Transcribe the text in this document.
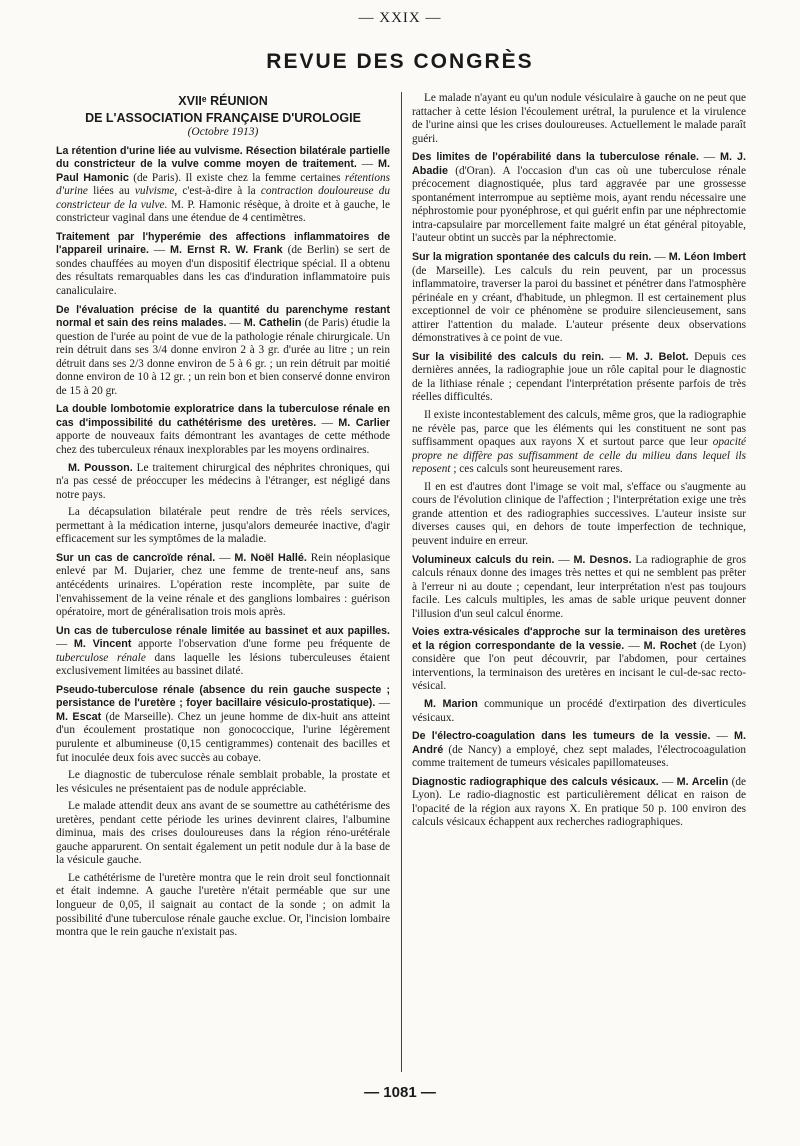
— XXIX —
REVUE DES CONGRÈS
XVIIᵉ RÉUNION
DE L'ASSOCIATION FRANÇAISE D'UROLOGIE
(Octobre 1913)

La rétention d'urine liée au vulvisme. Résection bilatérale partielle du constricteur de la vulve comme moyen de traitement. — M. Paul Hamonic (de Paris). Il existe chez la femme certaines rétentions d'urine liées au vulvisme, c'est-à-dire à la contraction douloureuse du constricteur de la vulve. M. P. Hamonic résèque, à droite et à gauche, le constricteur vaginal dans une étendue de 4 centimètres.

Traitement par l'hyperémie des affections inflammatoires de l'appareil urinaire. — M. Ernst R. W. Frank (de Berlin) se sert de sondes chauffées au moyen d'un dispositif électrique spécial. Il a obtenu des résultats remarquables dans les cas d'induration inflammatoire puis canaliculaire.

De l'évaluation précise de la quantité du parenchyme restant normal et sain des reins malades. — M. Cathelin (de Paris) étudie la question de l'urée au point de vue de la pathologie rénale chirurgicale. Un rein détruit dans ses 3/4 donne environ 2 à 3 gr. d'urée au litre ; un rein détruit dans ses 2/3 donne environ de 5 à 6 gr. ; un rein détruit par moitié donne environ de 10 à 12 gr. ; un rein bon et bien conservé donne environ de 15 à 20 gr.

La double lombotomie exploratrice dans la tuberculose rénale en cas d'impossibilité du cathétérisme des uretères. — M. Carlier apporte de nouveaux faits démontrant les avantages de cette méthode chez des tuberculeux rénaux inexplorables par les moyens ordinaires.

M. Pousson. Le traitement chirurgical des néphrites chroniques, qui n'a pas cessé de préoccuper les médecins à l'étranger, est négligé dans notre pays.

La décapsulation bilatérale peut rendre de très réels services, permettant à la médication interne, jusqu'alors demeurée inactive, d'agir efficacement sur les symptômes de la maladie.

Sur un cas de cancroïde rénal. — M. Noël Hallé. Rein néoplasique enlevé par M. Dujarier, chez une femme de trente-neuf ans, sans antécédents urinaires. L'opération reste incomplète, par suite de l'envahissement de la veine rénale et des ganglions lombaires : guérison opératoire, mort de généralisation trois mois après.

Un cas de tuberculose rénale limitée au bassinet et aux papilles. — M. Vincent apporte l'observation d'une forme peu fréquente de tuberculose rénale dans laquelle les lésions tuberculeuses étaient exclusivement limitées au bassinet dilaté.

Pseudo-tuberculose rénale (absence du rein gauche suspecte ; persistance de l'uretère ; foyer bacillaire vésiculo-prostatique). — M. Escat (de Marseille). Chez un jeune homme de dix-huit ans atteint d'un écoulement prostatique non gonococcique, l'urine légèrement purulente et albumineuse (0,15 centigrammes) contenait des bacilles et fut inoculée deux fois avec succès au cobaye.

Le diagnostic de tuberculose rénale semblait probable, la prostate et les vésicules ne présentaient pas de nodule appréciable.

Le malade attendit deux ans avant de se soumettre au cathétérisme des uretères, pendant cette période les urines devinrent claires, l'albumine diminua, mais des crises douloureuses dans la région réno-urétérale gauche apparurent. On sentait également un petit nodule dur à la base de la vésicule gauche.

Le cathétérisme de l'uretère montra que le rein droit seul fonctionnait et était indemne. A gauche l'uretère n'était perméable que sur une longueur de 0,05, il saignait au contact de la sonde ; on admit la possibilité d'une tuberculose rénale gauche exclue. Or, l'incision lombaire montra que le rein gauche n'existait pas.

Le malade n'ayant eu qu'un nodule vésiculaire à gauche on ne peut que rattacher à cette lésion l'écoulement urétral, la purulence et la virulence de l'urine ainsi que les crises douloureuses. Actuellement le malade paraît guéri.

Des limites de l'opérabilité dans la tuberculose rénale. — M. J. Abadie (d'Oran). A l'occasion d'un cas où une tuberculose rénale précocement diagnostiquée, plus tard aggravée par une grossesse spontanément interrompue au septième mois, ayant rendu nécessaire une néphrostomie pour pyonéphrose, et qui guérit enfin par une néphrectomie intra-capsulaire par morcellement faite malgré un état général pitoyable, l'auteur obtint un succès par la néphrectomie.

Sur la migration spontanée des calculs du rein. — M. Léon Imbert (de Marseille). Les calculs du rein peuvent, par un processus inflammatoire, traverser la paroi du bassinet et pénétrer dans l'atmosphère périnéale en y créant, d'habitude, un phlegmon. Il est certainement plus exceptionnel de voir ce phénomène se produire silencieusement, sans attirer l'attention du malade. L'auteur présente deux observations démonstratives à ce point de vue.

Sur la visibilité des calculs du rein. — M. J. Belot. Depuis ces dernières années, la radiographie joue un rôle capital pour le diagnostic de la lithiase rénale ; cependant l'interprétation présente parfois de très réelles difficultés.

Il existe incontestablement des calculs, même gros, que la radiographie ne révèle pas, parce que les éléments qui les constituent ne sont pas suffisamment opaques aux rayons X et surtout parce que leur opacité propre ne diffère pas suffisamment de celle du milieu dans lequel ils reposent ; ces calculs sont heureusement rares.

Il en est d'autres dont l'image se voit mal, s'efface ou s'augmente au cours de l'évolution clinique de l'affection ; l'interprétation exige une très grande attention et des radiographies successives. L'auteur insiste sur diverses causes qui, en dehors de toute imperfection de technique, peuvent induire en erreur.

Volumineux calculs du rein. — M. Desnos. La radiographie de gros calculs rénaux donne des images très nettes et qui ne semblent pas prêter à l'erreur ni au doute ; cependant, leur interprétation n'est pas toujours facile. Les calculs multiples, les amas de sable urique peuvent donner l'illusion d'un seul calcul énorme.

Voies extra-vésicales d'approche sur la terminaison des uretères et la région correspondante de la vessie. — M. Rochet (de Lyon) considère que l'on peut découvrir, par l'abdomen, pour certaines interventions, la terminaison des uretères en incisant le cul-de-sac recto-vésical.

M. Marion communique un procédé d'extirpation des diverticules vésicaux.

De l'électro-coagulation dans les tumeurs de la vessie. — M. André (de Nancy) a employé, chez sept malades, l'électrocoagulation comme traitement de tumeurs vésicales papillomateuses.

Diagnostic radiographique des calculs vésicaux. — M. Arcelin (de Lyon). Le radio-diagnostic est particulièrement délicat en raison de l'opacité de la région aux rayons X. En pratique 50 p. 100 environ des calculs vésicaux échappent aux recherches radiographiques.

— 1081 —
